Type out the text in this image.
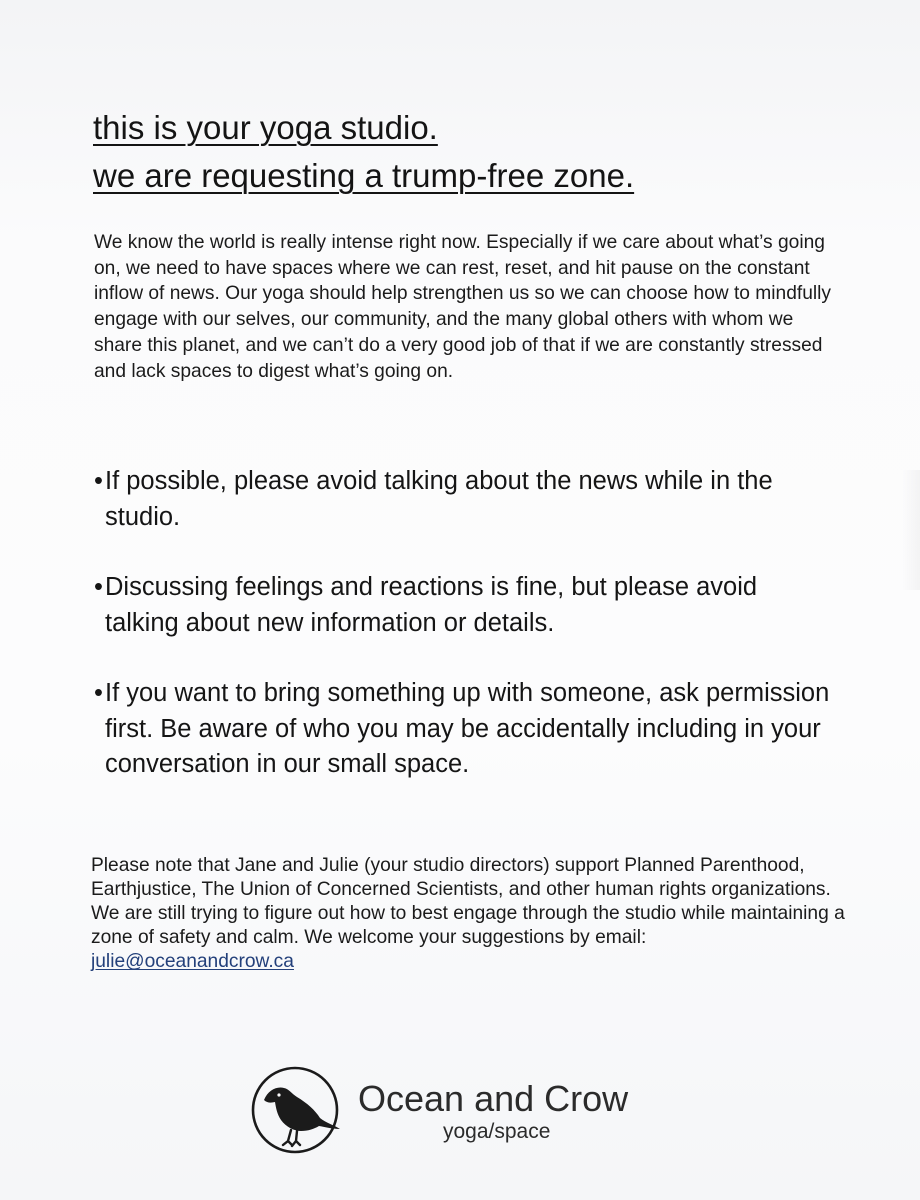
this is your yoga studio.
we are requesting a trump-free zone.

We know the world is really intense right now. Especially if we care about what’s going on, we need to have spaces where we can rest, reset, and hit pause on the constant inflow of news. Our yoga should help strengthen us so we can choose how to mindfully engage with our selves, our community, and the many global others with whom we share this planet, and we can’t do a very good job of that if we are constantly stressed and lack spaces to digest what’s going on.

• If possible, please avoid talking about the news while in the studio.
• Discussing feelings and reactions is fine, but please avoid talking about new information or details.
• If you want to bring something up with someone, ask permission first. Be aware of who you may be accidentally including in your conversation in our small space.

Please note that Jane and Julie (your studio directors) support Planned Parenthood, Earthjustice, The Union of Concerned Scientists, and other human rights organizations. We are still trying to figure out how to best engage through the studio while maintaining a zone of safety and calm. We welcome your suggestions by email: julie@oceanandcrow.ca

Ocean and Crow
yoga/space
